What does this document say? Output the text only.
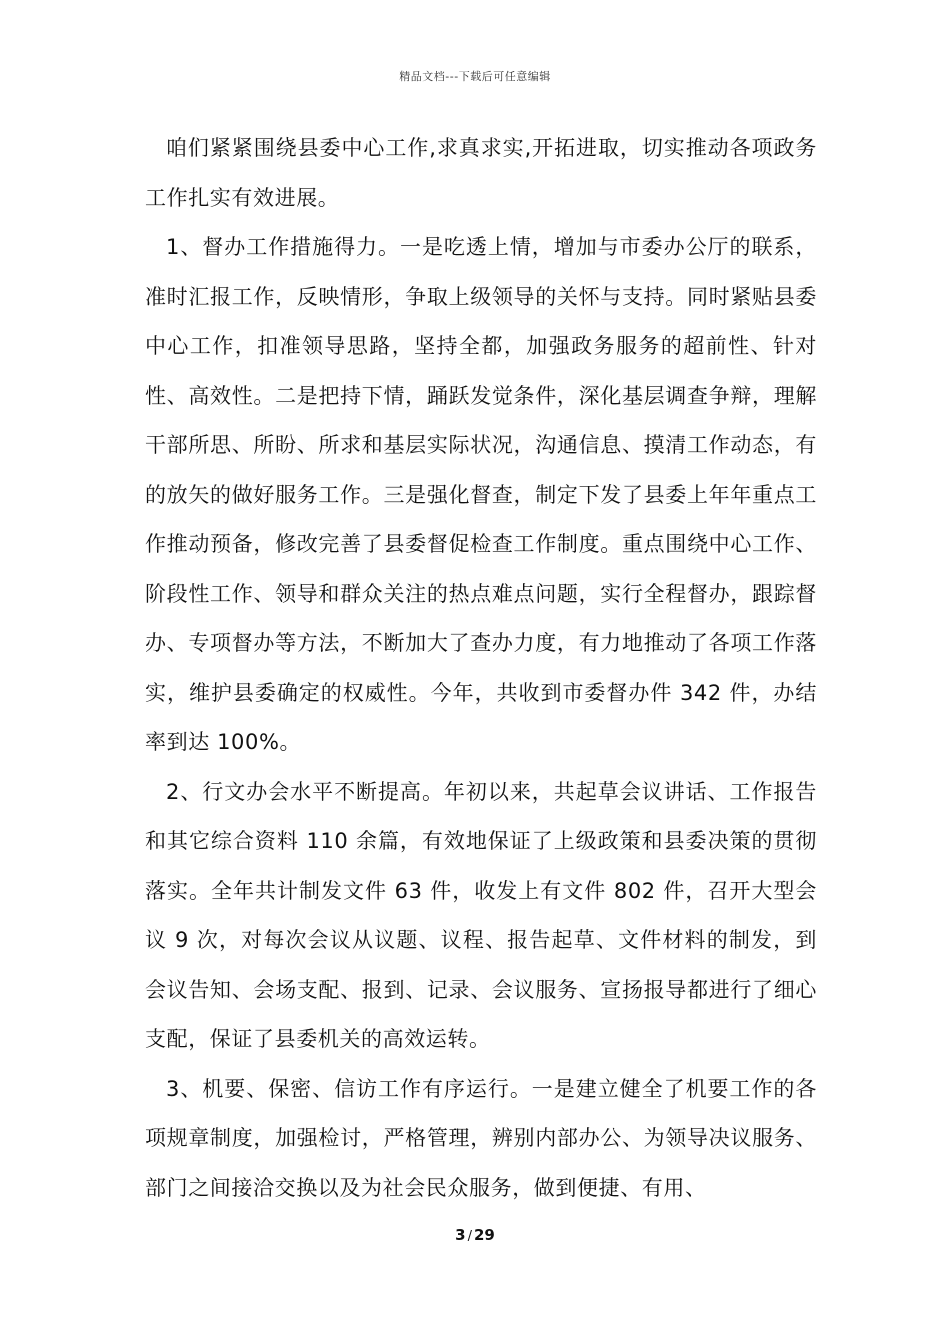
精品文档---下载后可任意编辑

咱们紧紧围绕县委中心工作,求真求实,开拓进取，切实推动各项政务工作扎实有效进展。

1、督办工作措施得力。一是吃透上情，增加与市委办公厅的联系，准时汇报工作，反映情形，争取上级领导的关怀与支持。同时紧贴县委中心工作，扣准领导思路，坚持全都，加强政务服务的超前性、针对性、高效性。二是把持下情，踊跃发觉条件，深化基层调查争辩，理解干部所思、所盼、所求和基层实际状况，沟通信息、摸清工作动态，有的放矢的做好服务工作。三是强化督查，制定下发了县委上年年重点工作推动预备，修改完善了县委督促检查工作制度。重点围绕中心工作、阶段性工作、领导和群众关注的热点难点问题，实行全程督办，跟踪督办、专项督办等方法，不断加大了查办力度，有力地推动了各项工作落实，维护县委确定的权威性。今年，共收到市委督办件 342 件，办结率到达 100%。

2、行文办会水平不断提高。年初以来，共起草会议讲话、工作报告和其它综合资料 110 余篇，有效地保证了上级政策和县委决策的贯彻落实。全年共计制发文件 63 件，收发上有文件 802 件，召开大型会议 9 次，对每次会议从议题、议程、报告起草、文件材料的制发，到会议告知、会场支配、报到、记录、会议服务、宣扬报导都进行了细心支配，保证了县委机关的高效运转。

3、机要、保密、信访工作有序运行。一是建立健全了机要工作的各项规章制度，加强检讨，严格管理，辨别内部办公、为领导决议服务、部门之间接洽交换以及为社会民众服务，做到便捷、有用、

3 / 29
